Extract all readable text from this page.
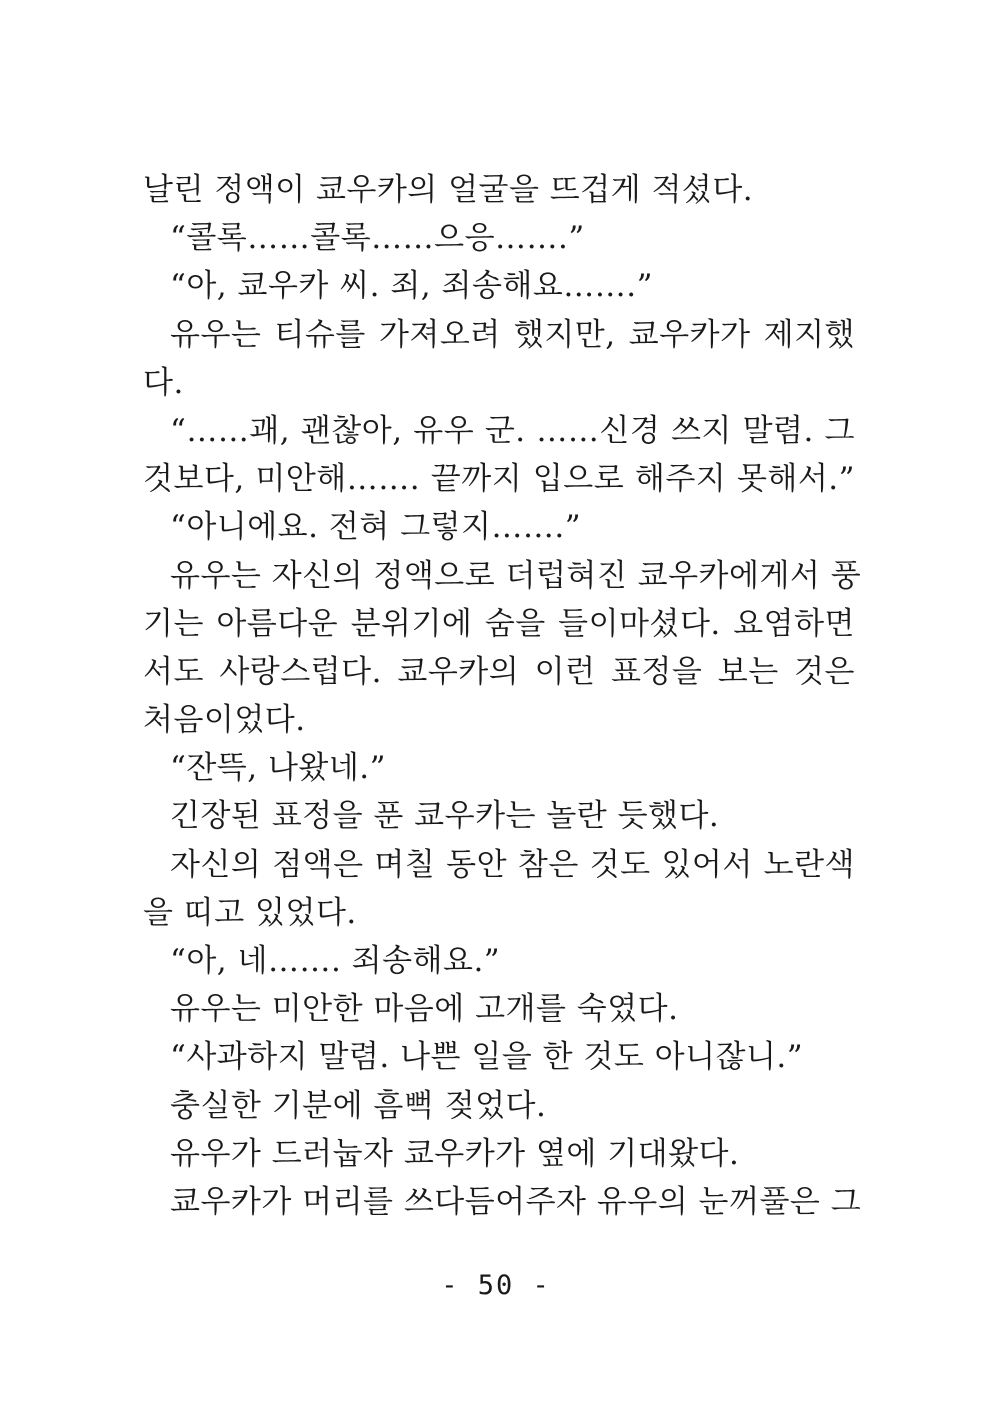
날린 정액이 쿄우카의 얼굴을 뜨겁게 적셨다.
“콜록……콜록……으응…….”
“아, 쿄우카 씨. 죄, 죄송해요…….”
유우는 티슈를 가져오려 했지만, 쿄우카가 제지했
다.
“……괘, 괜찮아, 유우 군. ……신경 쓰지 말렴. 그
것보다, 미안해……. 끝까지 입으로 해주지 못해서.”
“아니에요. 전혀 그렇지…….”
유우는 자신의 정액으로 더럽혀진 쿄우카에게서 풍
기는 아름다운 분위기에 숨을 들이마셨다. 요염하면
서도 사랑스럽다. 쿄우카의 이런 표정을 보는 것은
처음이었다.
“잔뜩, 나왔네.”
긴장된 표정을 푼 쿄우카는 놀란 듯했다.
자신의 점액은 며칠 동안 참은 것도 있어서 노란색
을 띠고 있었다.
“아, 네……. 죄송해요.”
유우는 미안한 마음에 고개를 숙였다.
“사과하지 말렴. 나쁜 일을 한 것도 아니잖니.”
충실한 기분에 흠뻑 젖었다.
유우가 드러눕자 쿄우카가 옆에 기대왔다.
쿄우카가 머리를 쓰다듬어주자 유우의 눈꺼풀은 그
- 50 -
